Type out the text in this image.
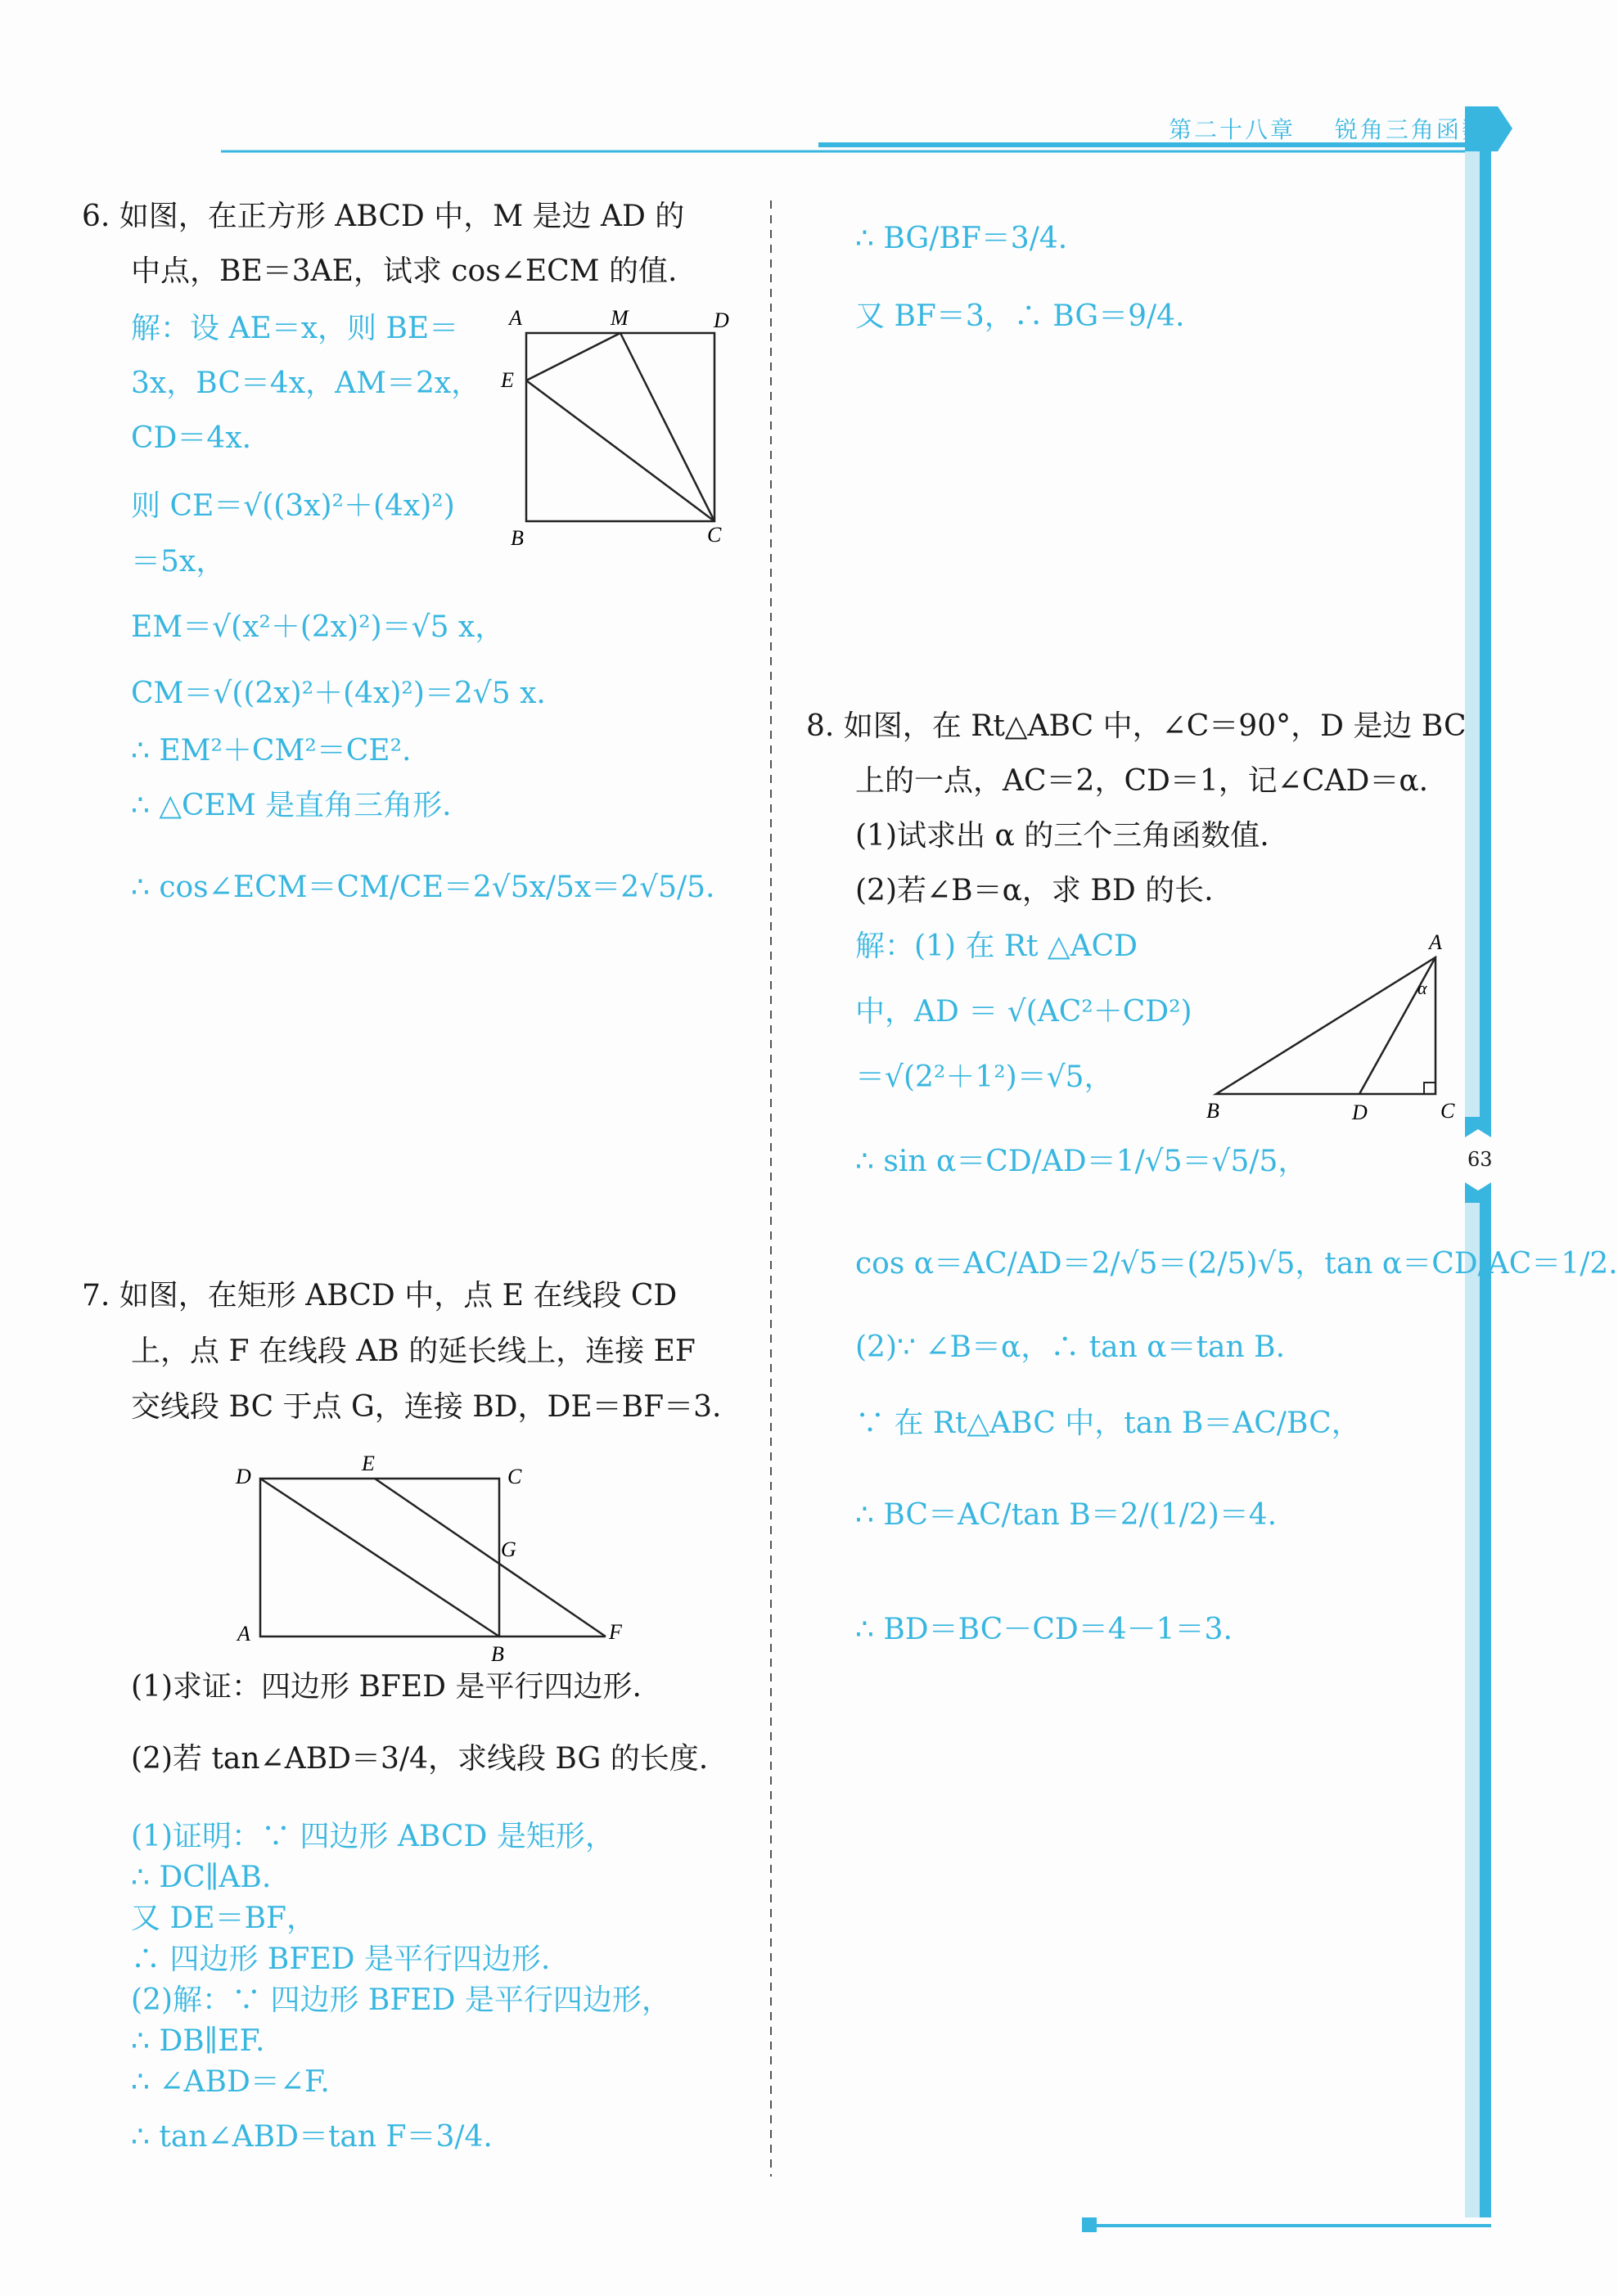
第二十八章 锐角三角函数
63
6. 如图，在正方形 ABCD 中，M 是边 AD 的
中点，BE＝3AE，试求 cos∠ECM 的值.
解：设 AE＝x，则 BE＝
3x，BC＝4x，AM＝2x，
CD＝4x.
则 CE＝√((3x)²＋(4x)²)
＝5x，
EM＝√(x²＋(2x)²)＝√5 x，
CM＝√((2x)²＋(4x)²)＝2√5 x.
∴ EM²＋CM²＝CE².
∴ △CEM 是直角三角形.
∴ cos∠ECM＝CM/CE＝2√5x/5x＝2√5/5.
A	M	D
E
B	C
7. 如图，在矩形 ABCD 中，点 E 在线段 CD
上，点 F 在线段 AB 的延长线上，连接 EF
交线段 BC 于点 G，连接 BD，DE＝BF＝3.
D
E
C
G
A
B
F
(1)求证：四边形 BFED 是平行四边形.
(2)若 tan∠ABD＝3/4，求线段 BG 的长度.
(1)证明：∵ 四边形 ABCD 是矩形，
∴ DC∥AB.
又 DE＝BF，
∴ 四边形 BFED 是平行四边形.
(2)解：∵ 四边形 BFED 是平行四边形，
∴ DB∥EF.
∴ ∠ABD＝∠F.
∴ tan∠ABD＝tan F＝3/4.
∴ BG/BF＝3/4.
又 BF＝3，∴ BG＝9/4.
8. 如图，在 Rt△ABC 中，∠C＝90°，D 是边 BC
上的一点，AC＝2，CD＝1，记∠CAD＝α.
(1)试求出 α 的三个三角函数值.
(2)若∠B＝α，求 BD 的长.
解：(1) 在 Rt △ACD
中，AD ＝ √(AC²＋CD²)
＝√(2²＋1²)＝√5，
∴ sin α＝CD/AD＝1/√5＝√5/5，
cos α＝AC/AD＝2/√5＝(2/5)√5，tan α＝CD/AC＝1/2.
(2)∵ ∠B＝α，∴ tan α＝tan B.
∵ 在 Rt△ABC 中，tan B＝AC/BC，
∴ BC＝AC/tan B＝2/(1/2)＝4.
∴ BD＝BC－CD＝4－1＝3.
A
α
B	D	C
